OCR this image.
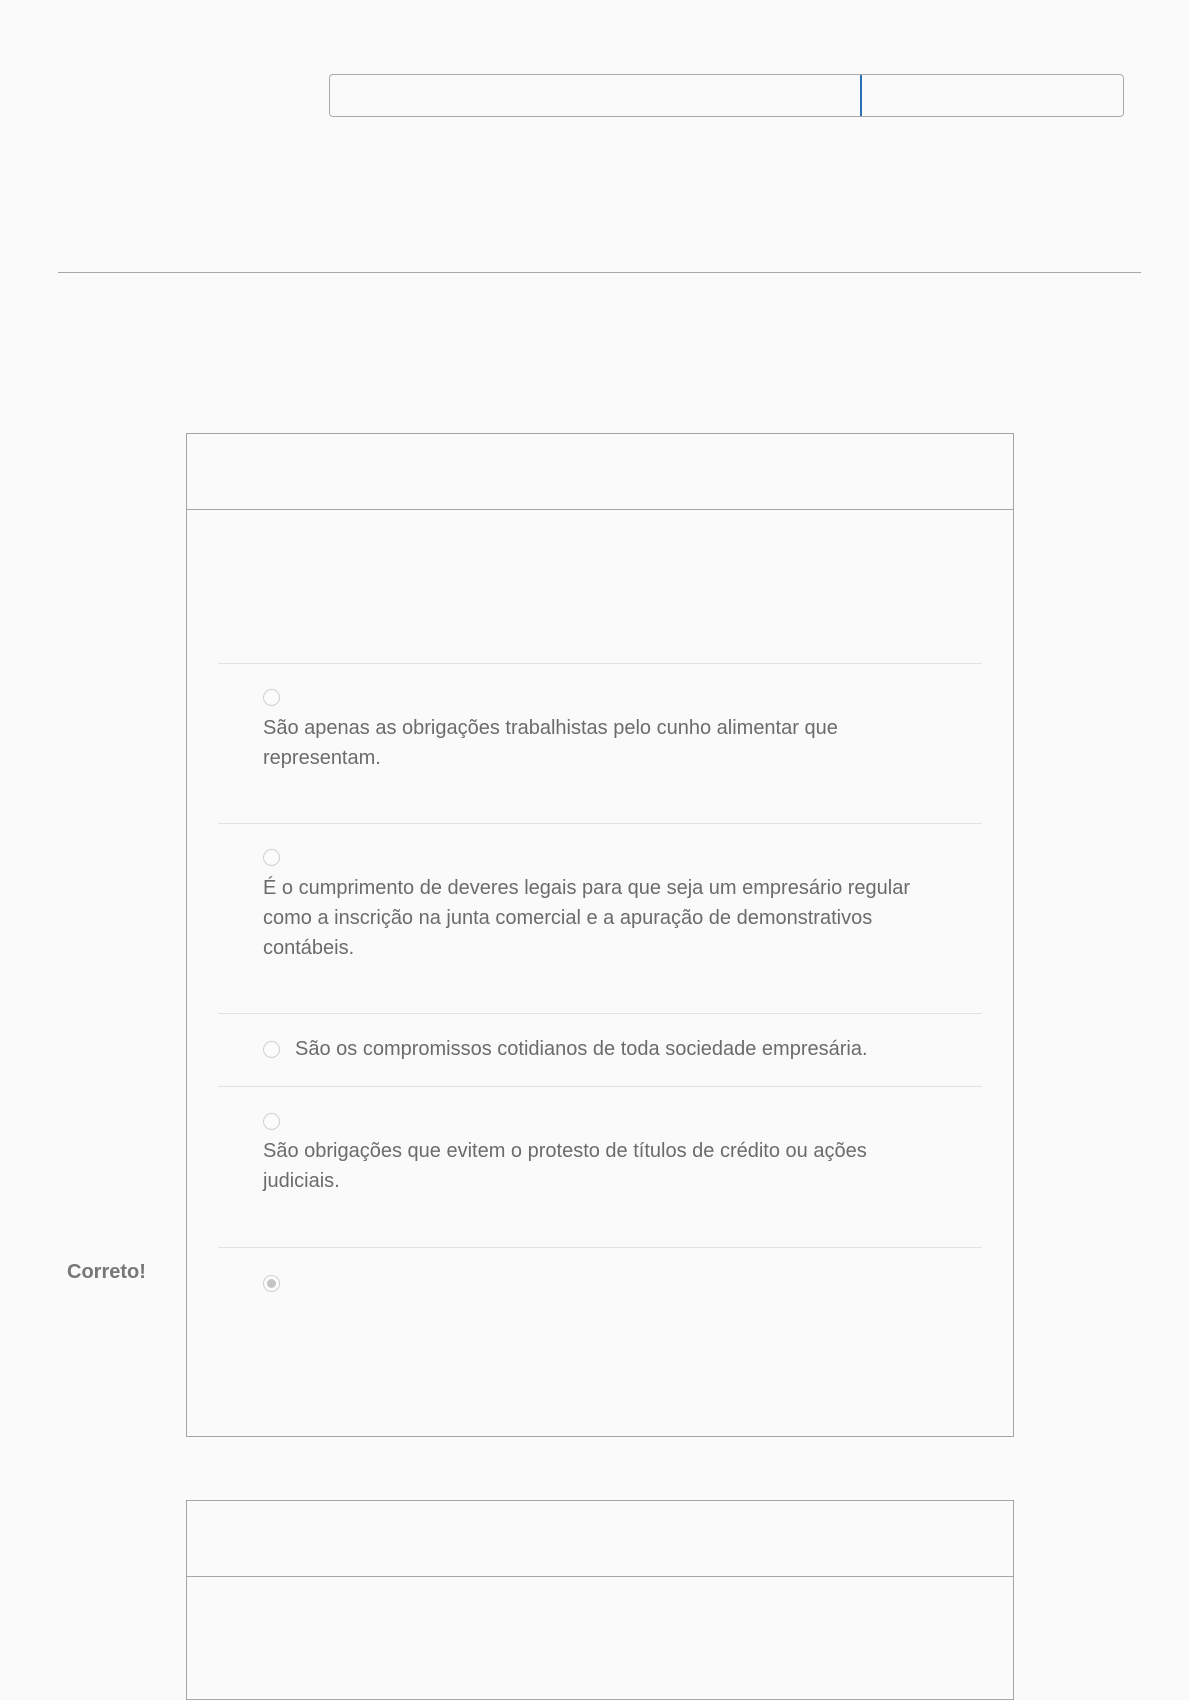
São apenas as obrigações trabalhistas pelo cunho alimentar que representam.
É o cumprimento de deveres legais para que seja um empresário regular como a inscrição na junta comercial e a apuração de demonstrativos contábeis.
São os compromissos cotidianos de toda sociedade empresária.
São obrigações que evitem o protesto de títulos de crédito ou ações judiciais.
Correto!
